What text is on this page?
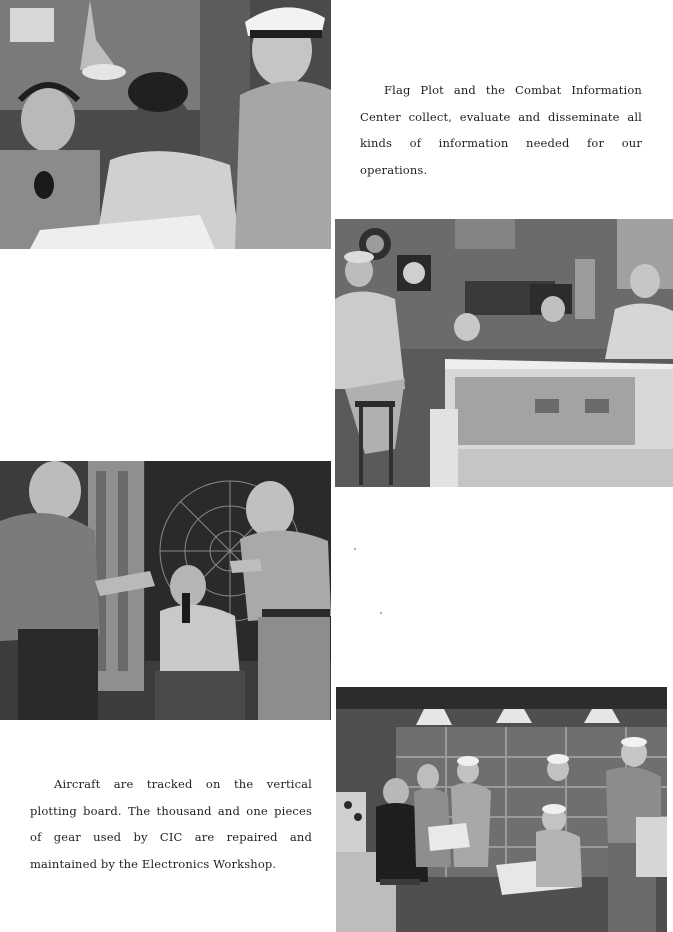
Flag Plot and the Combat Information Center collect, evaluate and disseminate all kinds of information needed for our operations.

Aircraft are tracked on the vertical plotting board. The thousand and one pieces of gear used by CIC are repaired and maintained by the Electronics Workshop.
